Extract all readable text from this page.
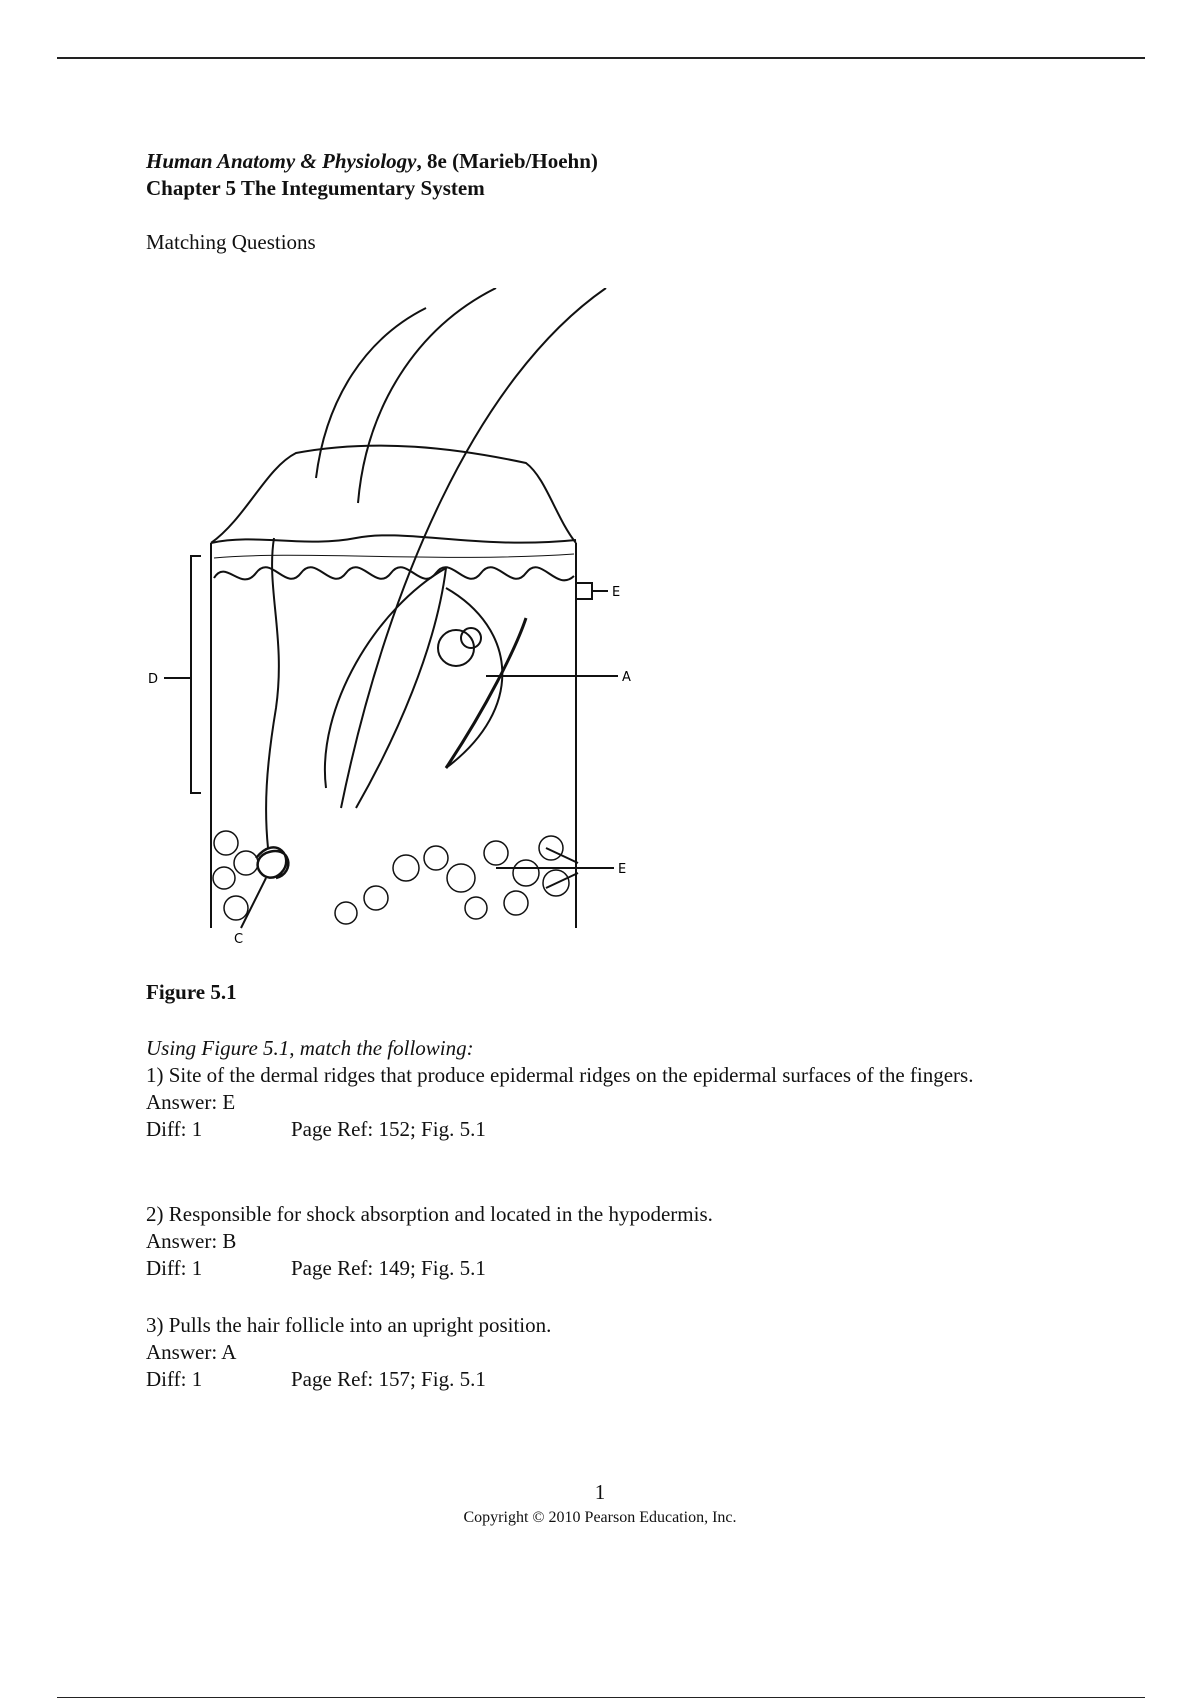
Human Anatomy & Physiology, 8e (Marieb/Hoehn)
Chapter 5 The Integumentary System
Matching Questions
E
A
D
E
C
Figure 5.1
Using Figure 5.1, match the following:
1) Site of the dermal ridges that produce epidermal ridges on the epidermal surfaces of the fingers.
Answer: E
Diff: 1	Page Ref: 152; Fig. 5.1
2) Responsible for shock absorption and located in the hypodermis.
Answer: B
Diff: 1	Page Ref: 149; Fig. 5.1
3) Pulls the hair follicle into an upright position.
Answer: A
Diff: 1	Page Ref: 157; Fig. 5.1
1
Copyright © 2010 Pearson Education, Inc.
